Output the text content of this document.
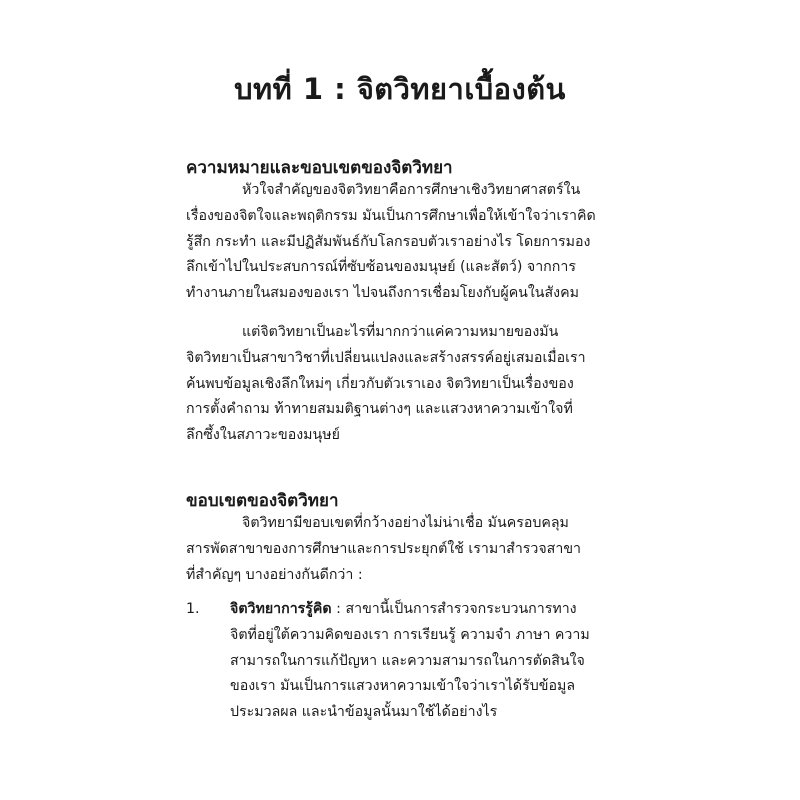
บทที่ 1 : จิตวิทยาเบื้องต้น
ความหมายและขอบเขตของจิตวิทยา

หัวใจสำคัญของจิตวิทยาคือการศึกษาเชิงวิทยาศาสตร์ใน
เรื่องของจิตใจและพฤติกรรม มันเป็นการศึกษาเพื่อให้เข้าใจว่าเราคิด
รู้สึก กระทำ และมีปฏิสัมพันธ์กับโลกรอบตัวเราอย่างไร โดยการมอง
ลึกเข้าไปในประสบการณ์ที่ซับซ้อนของมนุษย์ (และสัตว์) จากการ
ทำงานภายในสมองของเรา ไปจนถึงการเชื่อมโยงกับผู้คนในสังคม

แต่จิตวิทยาเป็นอะไรที่มากกว่าแค่ความหมายของมัน
จิตวิทยาเป็นสาขาวิชาที่เปลี่ยนแปลงและสร้างสรรค์อยู่เสมอเมื่อเรา
ค้นพบข้อมูลเชิงลึกใหม่ๆ เกี่ยวกับตัวเราเอง จิตวิทยาเป็นเรื่องของ
การตั้งคำถาม ท้าทายสมมติฐานต่างๆ และแสวงหาความเข้าใจที่
ลึกซึ้งในสภาวะของมนุษย์

ขอบเขตของจิตวิทยา

จิตวิทยามีขอบเขตที่กว้างอย่างไม่น่าเชื่อ มันครอบคลุม
สารพัดสาขาของการศึกษาและการประยุกต์ใช้ เรามาสำรวจสาขา
ที่สำคัญๆ บางอย่างกันดีกว่า :

1. จิตวิทยาการรู้คิด : สาขานี้เป็นการสำรวจกระบวนการทาง
จิตที่อยู่ใต้ความคิดของเรา การเรียนรู้ ความจำ ภาษา ความ
สามารถในการแก้ปัญหา และความสามารถในการตัดสินใจ
ของเรา มันเป็นการแสวงหาความเข้าใจว่าเราได้รับข้อมูล
ประมวลผล และนำข้อมูลนั้นมาใช้ได้อย่างไร
